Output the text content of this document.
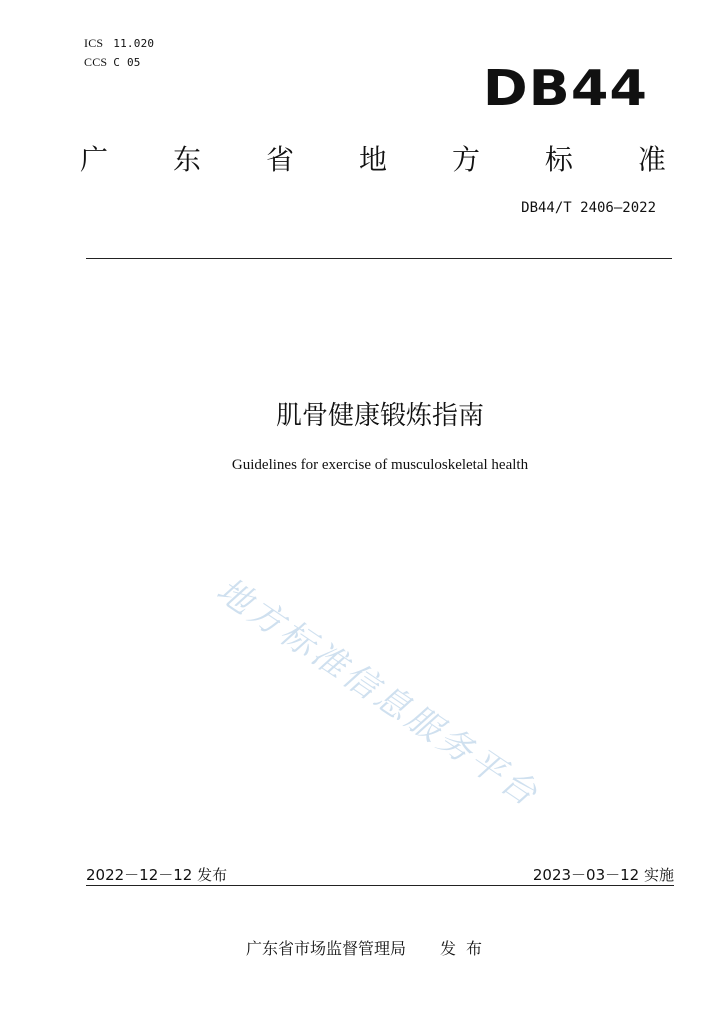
ICS 11.020
CCS C 05	DB44
广 东 省 地 方 标 准
DB44/T 2406—2022
肌骨健康锻炼指南
Guidelines for exercise of musculoskeletal health
地方标准信息服务平台
2022－12－12 发布	2023－03－12 实施
广东省市场监督管理局 发布
